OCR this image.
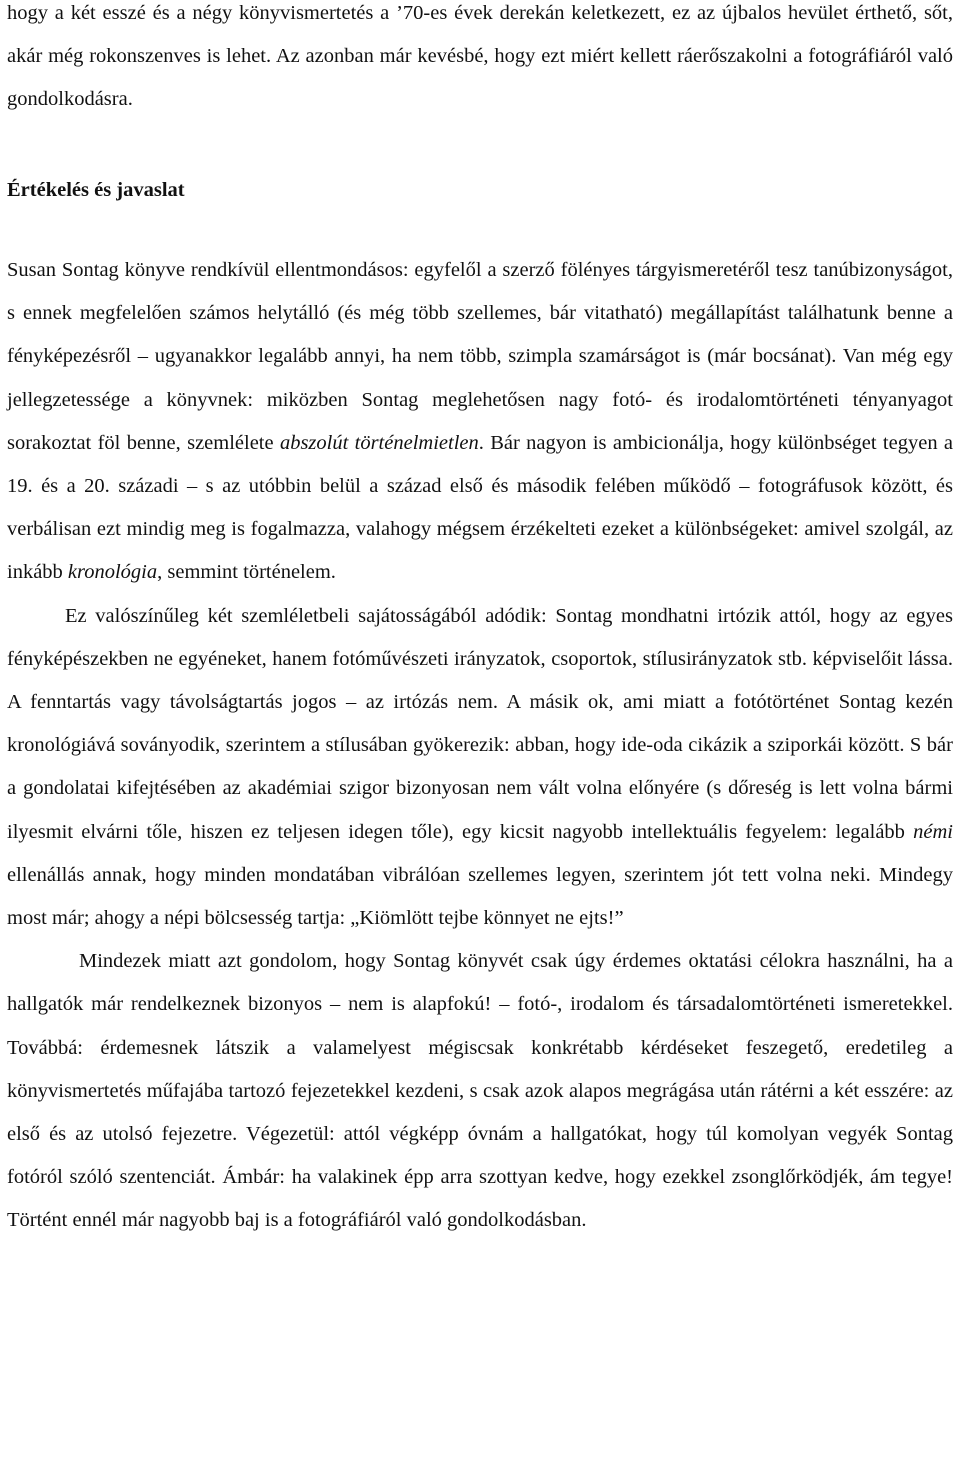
hogy a két esszé és a négy könyvismertetés a ’70-es évek derekán keletkezett, ez az újbalos hevület érthető, sőt, akár még rokonszenves is lehet. Az azonban már kevésbé, hogy ezt miért kellett ráerőszakolni a fotográfiáról való gondolkodásra.

Értékelés és javaslat

Susan Sontag könyve rendkívül ellentmondásos: egyfelől a szerző fölényes tárgyismeretéről tesz tanúbizonyságot, s ennek megfelelően számos helytálló (és még több szellemes, bár vitatható) megállapítást találhatunk benne a fényképezésről – ugyanakkor legalább annyi, ha nem több, szimpla szamárságot is (már bocsánat). Van még egy jellegzetessége a könyvnek: miközben Sontag meglehetősen nagy fotó- és irodalomtörténeti tényanyagot sorakoztat föl benne, szemlélete abszolút történelmietlen. Bár nagyon is ambicionálja, hogy különbséget tegyen a 19. és a 20. századi – s az utóbbin belül a század első és második felében működő – fotográfusok között, és verbálisan ezt mindig meg is fogalmazza, valahogy mégsem érzékelteti ezeket a különbségeket: amivel szolgál, az inkább kronológia, semmint történelem.

Ez valószínűleg két szemléletbeli sajátosságából adódik: Sontag mondhatni irtózik attól, hogy az egyes fényképészekben ne egyéneket, hanem fotóművészeti irányzatok, csoportok, stílusirányzatok stb. képviselőit lássa. A fenntartás vagy távolságtartás jogos – az irtózás nem. A másik ok, ami miatt a fotótörténet Sontag kezén kronológiává soványodik, szerintem a stílusában gyökerezik: abban, hogy ide-oda cikázik a sziporkái között. S bár a gondolatai kifejtésében az akadémiai szigor bizonyosan nem vált volna előnyére (s dőreség is lett volna bármi ilyesmit elvárni tőle, hiszen ez teljesen idegen tőle), egy kicsit nagyobb intellektuális fegyelem: legalább némi ellenállás annak, hogy minden mondatában vibrálóan szellemes legyen, szerintem jót tett volna neki. Mindegy most már; ahogy a népi bölcsesség tartja: „Kiömlött tejbe könnyet ne ejts!”

Mindezek miatt azt gondolom, hogy Sontag könyvét csak úgy érdemes oktatási célokra használni, ha a hallgatók már rendelkeznek bizonyos – nem is alapfokú! – fotó-, irodalom és társadalomtörténeti ismeretekkel. Továbbá: érdemesnek látszik a valamelyest mégiscsak konkrétabb kérdéseket feszegető, eredetileg a könyvismertetés műfajába tartozó fejezetekkel kezdeni, s csak azok alapos megrágása után rátérni a két esszére: az első és az utolsó fejezetre. Végezetül: attól végképp óvnám a hallgatókat, hogy túl komolyan vegyék Sontag fotóról szóló szentenciát. Ámbár: ha valakinek épp arra szottyan kedve, hogy ezekkel zsonglőrködjék, ám tegye! Történt ennél már nagyobb baj is a fotográfiáról való gondolkodásban.
